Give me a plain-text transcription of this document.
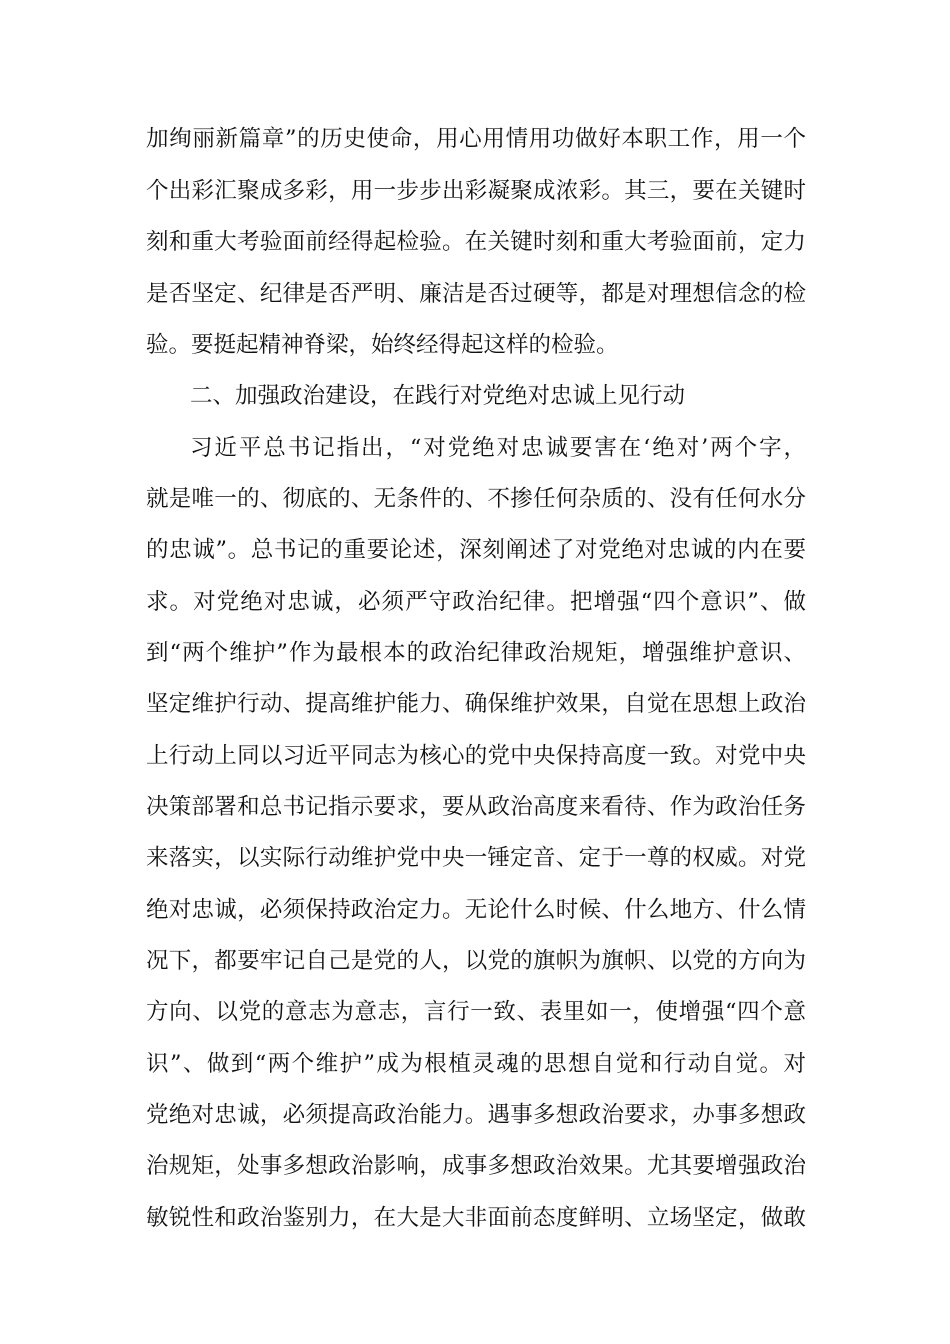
加绚丽新篇章”的历史使命，用心用情用功做好本职工作，用一个
个出彩汇聚成多彩，用一步步出彩凝聚成浓彩。其三，要在关键时
刻和重大考验面前经得起检验。在关键时刻和重大考验面前，定力
是否坚定、纪律是否严明、廉洁是否过硬等，都是对理想信念的检
验。要挺起精神脊梁，始终经得起这样的检验。
二、加强政治建设，在践行对党绝对忠诚上见行动
习近平总书记指出，“对党绝对忠诚要害在‘绝对’两个字，
就是唯一的、彻底的、无条件的、不掺任何杂质的、没有任何水分
的忠诚”。总书记的重要论述，深刻阐述了对党绝对忠诚的内在要
求。对党绝对忠诚，必须严守政治纪律。把增强“四个意识”、做
到“两个维护”作为最根本的政治纪律政治规矩，增强维护意识、
坚定维护行动、提高维护能力、确保维护效果，自觉在思想上政治
上行动上同以习近平同志为核心的党中央保持高度一致。对党中央
决策部署和总书记指示要求，要从政治高度来看待、作为政治任务
来落实，以实际行动维护党中央一锤定音、定于一尊的权威。对党
绝对忠诚，必须保持政治定力。无论什么时候、什么地方、什么情
况下，都要牢记自己是党的人，以党的旗帜为旗帜、以党的方向为
方向、以党的意志为意志，言行一致、表里如一，使增强“四个意
识”、做到“两个维护”成为根植灵魂的思想自觉和行动自觉。对
党绝对忠诚，必须提高政治能力。遇事多想政治要求，办事多想政
治规矩，处事多想政治影响，成事多想政治效果。尤其要增强政治
敏锐性和政治鉴别力，在大是大非面前态度鲜明、立场坚定，做敢
